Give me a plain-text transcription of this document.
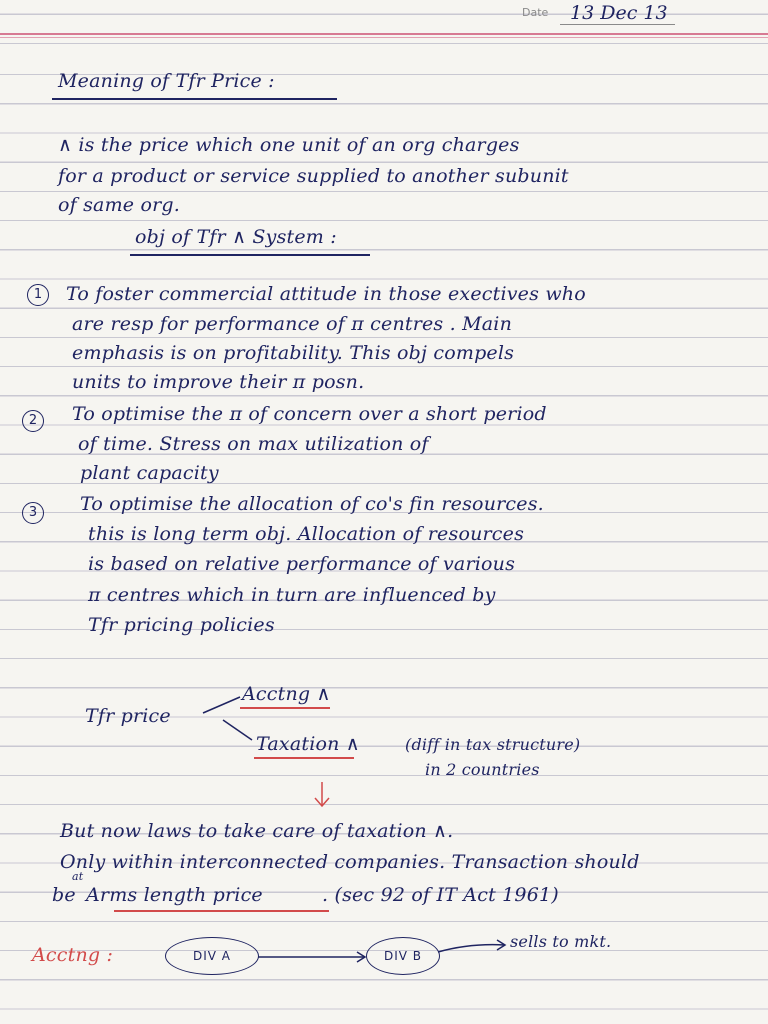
Date 13 Dec 13
Meaning of Tfr Price :
∧ is the price which one unit of an org charges
for a product or service supplied to another subunit
of same org.
obj of Tfr ∧ System :
1	To foster commercial attitude in those exectives who
are resp for performance of π centres . Main
emphasis is on profitability. This obj compels
units to improve their π posn.
2	To optimise the π of concern over a short period
of time. Stress on max utilization of
plant capacity
3	To optimise the allocation of co's fin resources.
this is long term obj. Allocation of resources
is based on relative performance of various
π centres which in turn are influenced by
Tfr pricing policies
Tfr price
Acctng ∧
Taxation ∧	(diff in tax structure)
in 2 countries
But now laws to take care of taxation ∧.
Only within interconnected companies. Transaction should
be
at
Arms length price	. (sec 92 of IT Act 1961)
Acctng :	DIV A	DIV B
sells to mkt.
